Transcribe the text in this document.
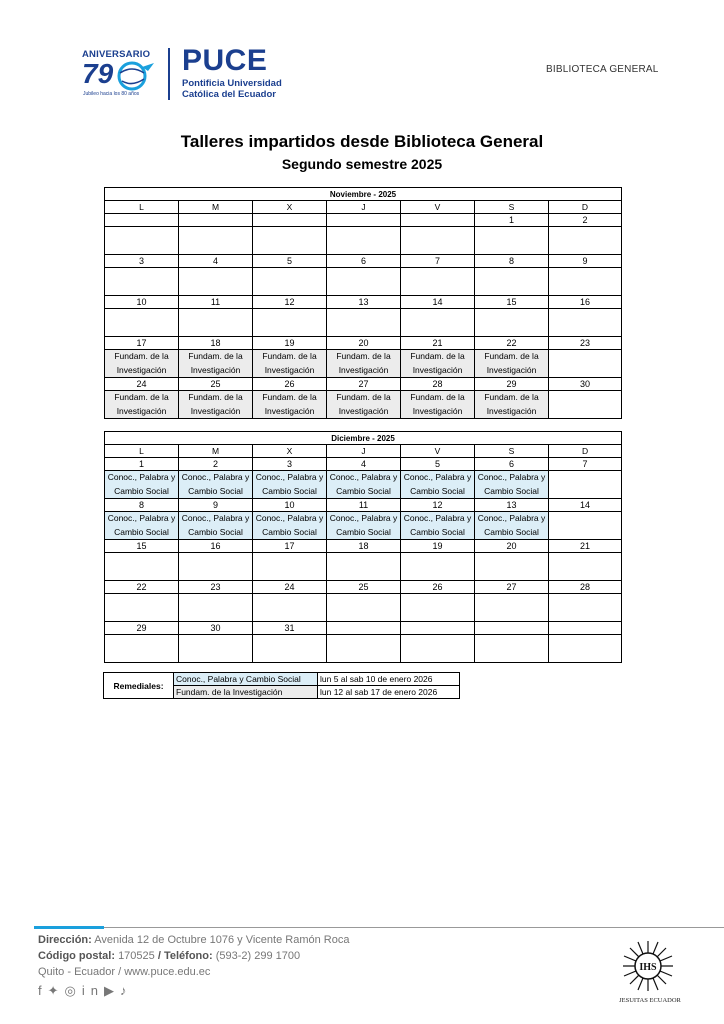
ANIVERSARIO
79
Jubileo hacia los 80 años
PUCE
Pontificia Universidad
Católica del Ecuador
BIBLIOTECA GENERAL
Talleres impartidos desde Biblioteca General
Segundo semestre 2025
Noviembre - 2025						
L	M	X	J	V	S	D
					1	2

3	4	5	6	7	8	9

10	11	12	13	14	15	16

17	18	19	20	21	22	23
Fundam. de la Investigación	Fundam. de la Investigación	Fundam. de la Investigación	Fundam. de la Investigación	Fundam. de la Investigación	Fundam. de la Investigación	
24	25	26	27	28	29	30
Fundam. de la Investigación	Fundam. de la Investigación	Fundam. de la Investigación	Fundam. de la Investigación	Fundam. de la Investigación	Fundam. de la Investigación	
Diciembre - 2025						
L	M	X	J	V	S	D
1	2	3	4	5	6	7
Conoc., Palabra y Cambio Social	Conoc., Palabra y Cambio Social	Conoc., Palabra y Cambio Social	Conoc., Palabra y Cambio Social	Conoc., Palabra y Cambio Social	Conoc., Palabra y Cambio Social	
8	9	10	11	12	13	14
Conoc., Palabra y Cambio Social	Conoc., Palabra y Cambio Social	Conoc., Palabra y Cambio Social	Conoc., Palabra y Cambio Social	Conoc., Palabra y Cambio Social	Conoc., Palabra y Cambio Social	
15	16	17	18	19	20	21

22	23	24	25	26	27	28

29	30	31				

Remediales:	Conoc., Palabra y Cambio Social	lun 5 al sab 10 de enero 2026
	Fundam. de la Investigación	lun 12 al sab 17 de enero 2026
Dirección: Avenida 12 de Octubre 1076 y Vicente Ramón Roca
Código postal: 170525 / Teléfono: (593-2) 299 1700
Quito - Ecuador / www.puce.edu.ec
f✦◎in▶♪
IHS
JESUITAS ECUADOR
